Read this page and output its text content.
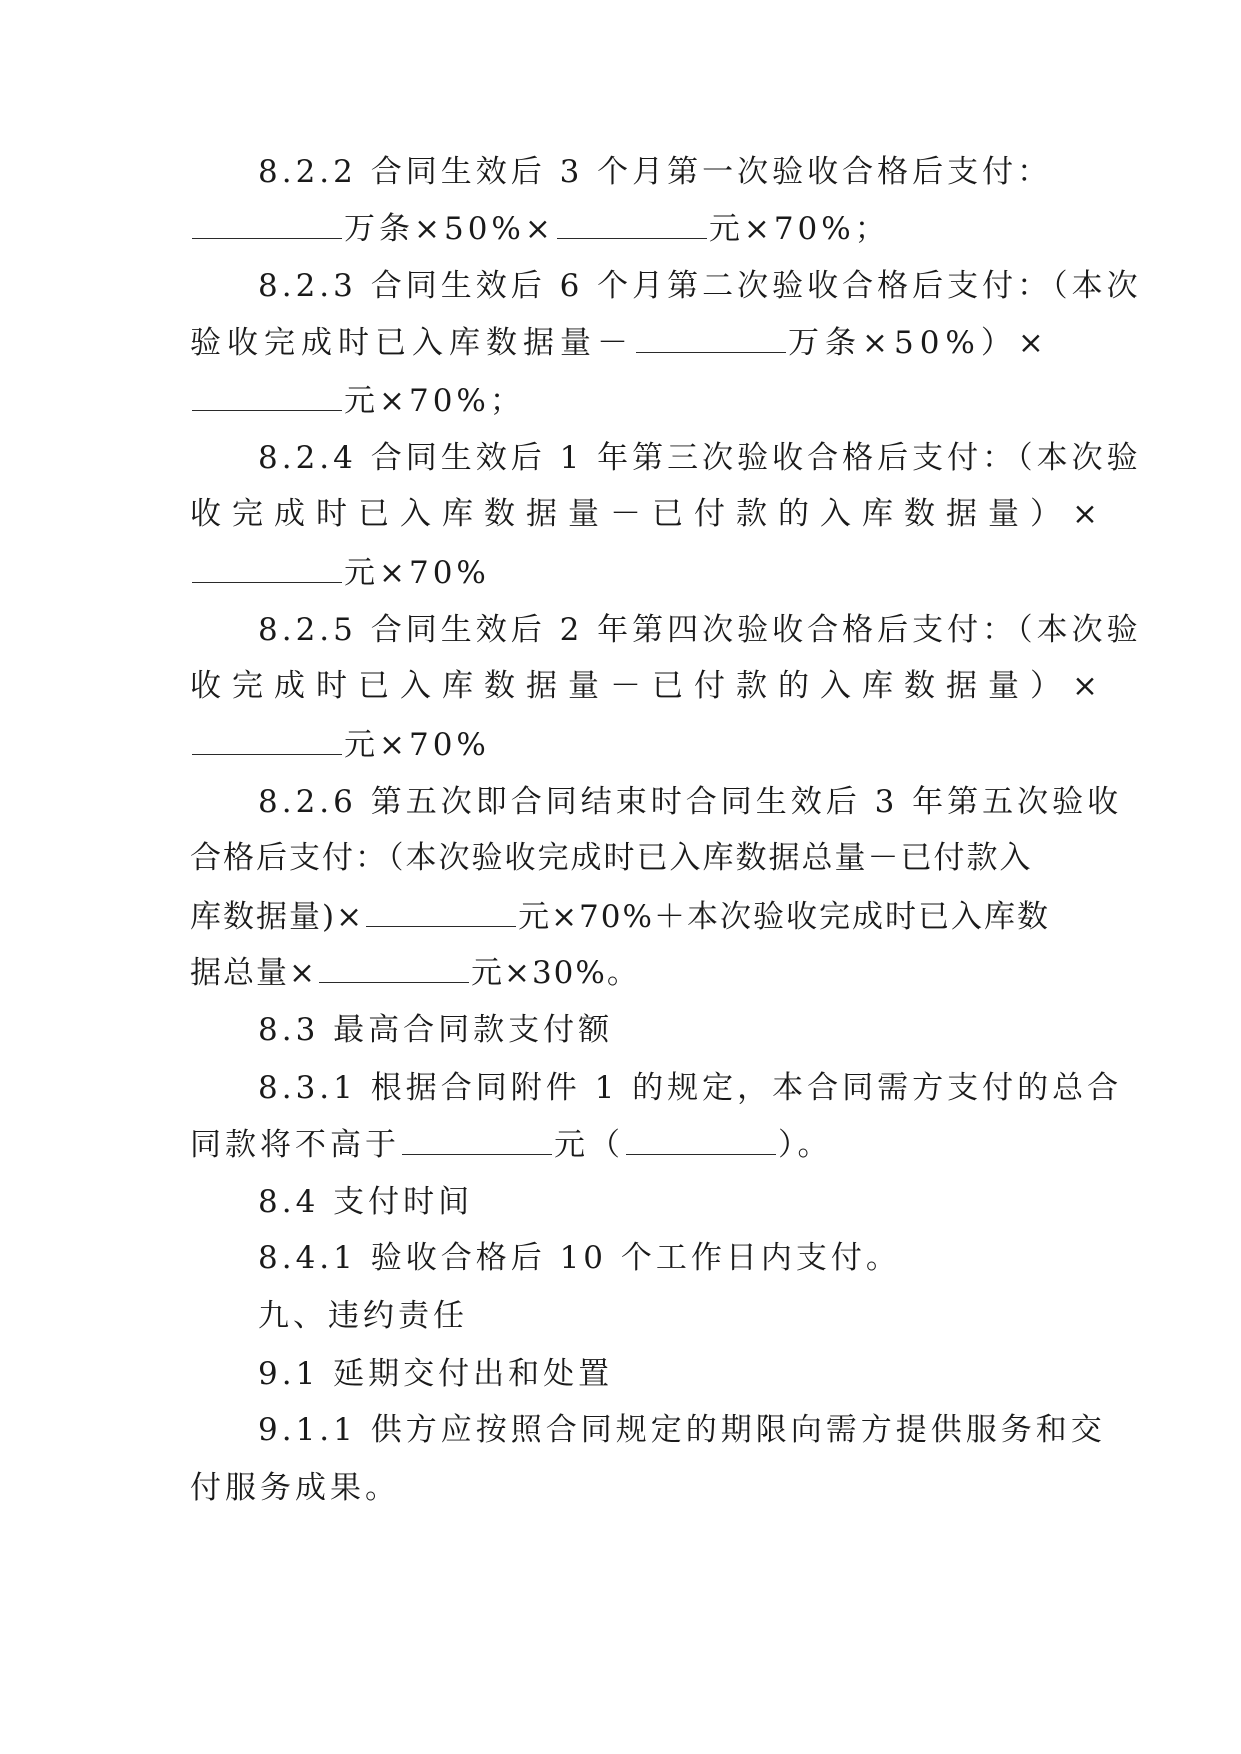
8.2.2 合同生效后 3 个月第一次验收合格后支付：
万条×50%×	元×70%；
8.2.3 合同生效后 6 个月第二次验收合格后支付：（本次
验收完成时已入库数据量－	万条×50%）×
元×70%；
8.2.4 合同生效后 1 年第三次验收合格后支付：（本次验
收完成时已入库数据量－已付款的入库数据量）×
元×70%
8.2.5 合同生效后 2 年第四次验收合格后支付：（本次验
收完成时已入库数据量－已付款的入库数据量）×
元×70%
8.2.6 第五次即合同结束时合同生效后 3 年第五次验收
合格后支付：（本次验收完成时已入库数据总量－已付款入
库数据量)×	元×70%＋本次验收完成时已入库数
据总量×	元×30%。
8.3 最高合同款支付额
8.3.1 根据合同附件 1 的规定，本合同需方支付的总合
同款将不高于	元（	）。
8.4 支付时间
8.4.1 验收合格后 10 个工作日内支付。
九、违约责任
9.1 延期交付出和处置
9.1.1 供方应按照合同规定的期限向需方提供服务和交
付服务成果。
